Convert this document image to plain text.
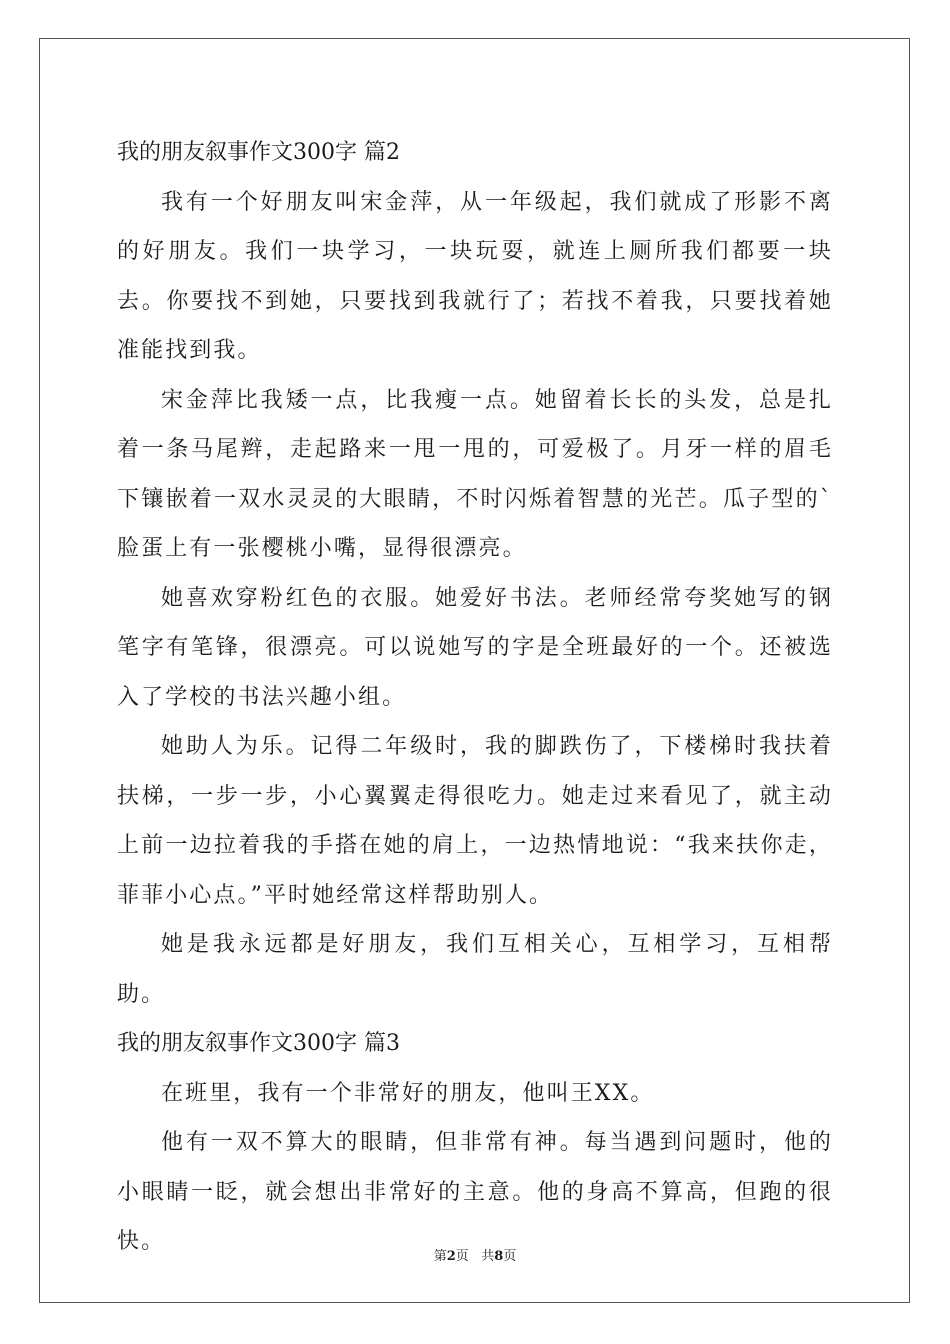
我的朋友叙事作文300字 篇2

我有一个好朋友叫宋金萍，从一年级起，我们就成了形影不离的好朋友。我们一块学习，一块玩耍，就连上厕所我们都要一块去。你要找不到她，只要找到我就行了；若找不着我，只要找着她准能找到我。

宋金萍比我矮一点，比我瘦一点。她留着长长的头发，总是扎着一条马尾辫，走起路来一甩一甩的，可爱极了。月牙一样的眉毛下镶嵌着一双水灵灵的大眼睛，不时闪烁着智慧的光芒。瓜子型的`脸蛋上有一张樱桃小嘴，显得很漂亮。

她喜欢穿粉红色的衣服。她爱好书法。老师经常夸奖她写的钢笔字有笔锋，很漂亮。可以说她写的字是全班最好的一个。还被选入了学校的书法兴趣小组。

她助人为乐。记得二年级时，我的脚跌伤了，下楼梯时我扶着扶梯，一步一步，小心翼翼走得很吃力。她走过来看见了，就主动上前一边拉着我的手搭在她的肩上，一边热情地说：“我来扶你走，菲菲小心点。”平时她经常这样帮助别人。

她是我永远都是好朋友，我们互相关心，互相学习，互相帮助。

我的朋友叙事作文300字 篇3

在班里，我有一个非常好的朋友，他叫王XX。

他有一双不算大的眼睛，但非常有神。每当遇到问题时，他的小眼睛一眨，就会想出非常好的主意。他的身高不算高，但跑的很快。

第2页   共8页
